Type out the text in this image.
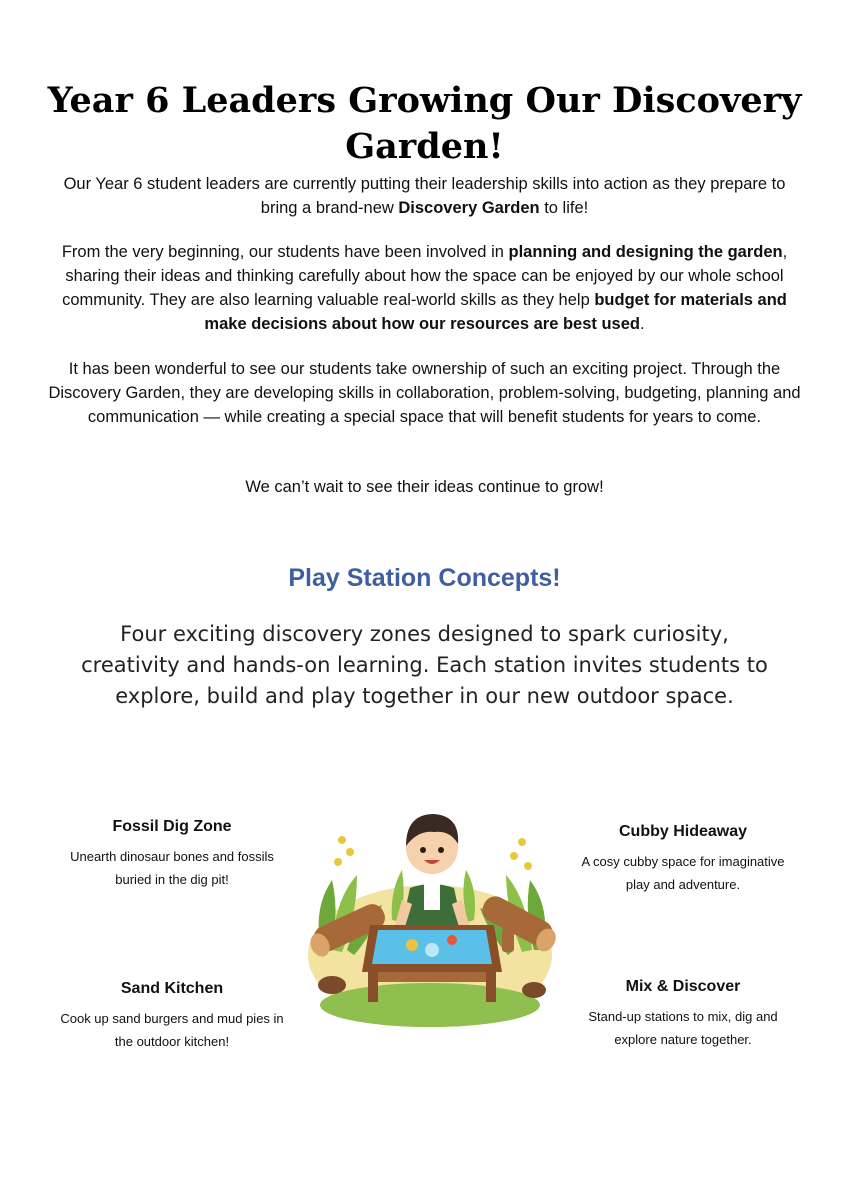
Year 6 Leaders Growing Our Discovery Garden!

Our Year 6 student leaders are currently putting their leadership skills into action as they prepare to bring a brand-new Discovery Garden to life!

From the very beginning, our students have been involved in planning and designing the garden, sharing their ideas and thinking carefully about how the space can be enjoyed by our whole school community. They are also learning valuable real-world skills as they help budget for materials and make decisions about how our resources are best used.

It has been wonderful to see our students take ownership of such an exciting project. Through the Discovery Garden, they are developing skills in collaboration, problem-solving, budgeting, planning and communication — while creating a special space that will benefit students for years to come.

We can’t wait to see their ideas continue to grow!

Play Station Concepts!

Four exciting discovery zones designed to spark curiosity, creativity and hands-on learning. Each station invites students to explore, build and play together in our new outdoor space.

Fossil Dig Zone

Unearth dinosaur bones and fossils buried in the dig pit!

Cubby Hideaway

A cosy cubby space for imaginative play and adventure.

Sand Kitchen

Cook up sand burgers and mud pies in the outdoor kitchen!

Mix & Discover

Stand-up stations to mix, dig and explore nature together.
